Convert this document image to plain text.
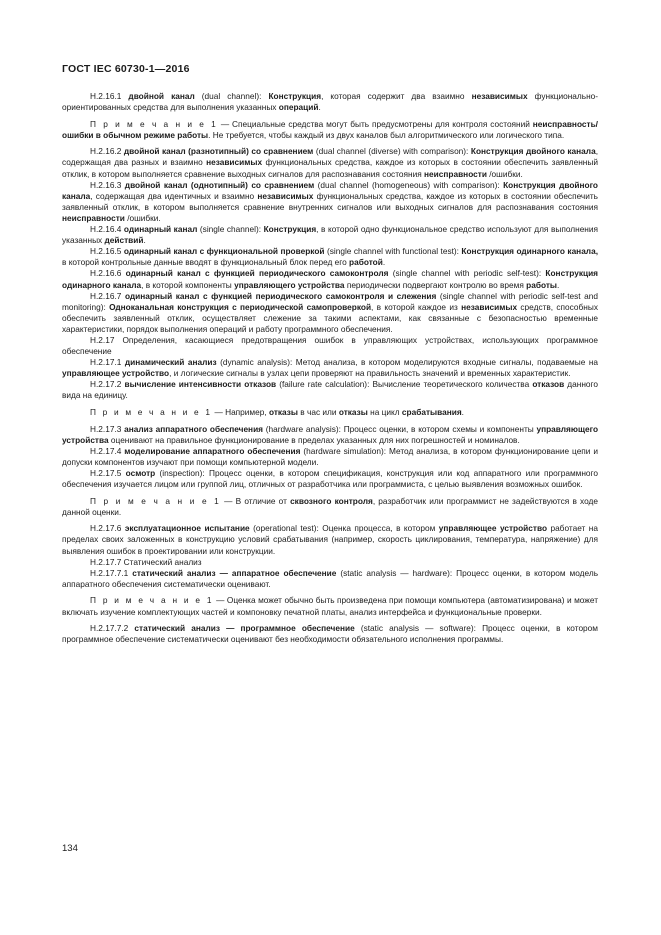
ГОСТ IEC 60730-1—2016

Н.2.16.1 двойной канал (dual channel): Конструкция, которая содержит два взаимно независимых функционально-ориентированных средства для выполнения указанных операций.

П р и м е ч а н и е 1 — Специальные средства могут быть предусмотрены для контроля состояний неисправность/ошибки в обычном режиме работы. Не требуется, чтобы каждый из двух каналов был алгоритмического или логического типа.

Н.2.16.2 двойной канал (разнотипный) со сравнением (dual channel (diverse) with comparison): Конструкция двойного канала, содержащая два разных и взаимно независимых функциональных средства, каждое из которых в состоянии обеспечить заявленный отклик, в котором выполняется сравнение выходных сигналов для распознавания состояния неисправности /ошибки.

Н.2.16.3 двойной канал (однотипный) со сравнением (dual channel (homogeneous) with comparison): Конструкция двойного канала, содержащая два идентичных и взаимно независимых функциональных средства, каждое из которых в состоянии обеспечить заявленный отклик, в котором выполняется сравнение внутренних сигналов или выходных сигналов для распознавания состояния неисправности /ошибки.

Н.2.16.4 одинарный канал (single channel): Конструкция, в которой одно функциональное средство используют для выполнения указанных действий.

Н.2.16.5 одинарный канал с функциональной проверкой (single channel with functional test): Конструкция одинарного канала, в которой контрольные данные вводят в функциональный блок перед его работой.

Н.2.16.6 одинарный канал с функцией периодического самоконтроля (single channel with periodic self-test): Конструкция одинарного канала, в которой компоненты управляющего устройства периодически подвергают контролю во время работы.

Н.2.16.7 одинарный канал с функцией периодического самоконтроля и слежения (single channel with periodic self-test and monitoring): Одноканальная конструкция с периодической самопроверкой, в которой каждое из независимых средств, способных обеспечить заявленный отклик, осуществляет слежение за такими аспектами, как связанные с безопасностью временные характеристики, порядок выполнения операций и работу программного обеспечения.

Н.2.17 Определения, касающиеся предотвращения ошибок в управляющих устройствах, использующих программное обеспечение

Н.2.17.1 динамический анализ (dynamic analysis): Метод анализа, в котором моделируются входные сигналы, подаваемые на управляющее устройство, и логические сигналы в узлах цепи проверяют на правильность значений и временных характеристик.

Н.2.17.2 вычисление интенсивности отказов (failure rate calculation): Вычисление теоретического количества отказов данного вида на единицу.

П р и м е ч а н и е 1 — Например, отказы в час или отказы на цикл срабатывания.

Н.2.17.3 анализ аппаратного обеспечения (hardware analysis): Процесс оценки, в котором схемы и компоненты управляющего устройства оценивают на правильное функционирование в пределах указанных для них погрешностей и номиналов.

Н.2.17.4 моделирование аппаратного обеспечения (hardware simulation): Метод анализа, в котором функционирование цепи и допуски компонентов изучают при помощи компьютерной модели.

Н.2.17.5 осмотр (inspection): Процесс оценки, в котором спецификация, конструкция или код аппаратного или программного обеспечения изучается лицом или группой лиц, отличных от разработчика или программиста, с целью выявления возможных ошибок.

П р и м е ч а н и е 1 — В отличие от сквозного контроля, разработчик или программист не задействуются в ходе данной оценки.

Н.2.17.6 эксплуатационное испытание (operational test): Оценка процесса, в котором управляющее устройство работает на пределах своих заложенных в конструкцию условий срабатывания (например, скорость циклирования, температура, напряжение) для выявления ошибок в проектировании или конструкции.

Н.2.17.7 Статический анализ

Н.2.17.7.1 статический анализ — аппаратное обеспечение (static analysis — hardware): Процесс оценки, в котором модель аппаратного обеспечения систематически оценивают.

П р и м е ч а н и е 1 — Оценка может обычно быть произведена при помощи компьютера (автоматизирована) и может включать изучение комплектующих частей и компоновку печатной платы, анализ интерфейса и функциональные проверки.

Н.2.17.7.2 статический анализ — программное обеспечение (static analysis — software): Процесс оценки, в котором программное обеспечение систематически оценивают без необходимости обязательного исполнения программы.

134
